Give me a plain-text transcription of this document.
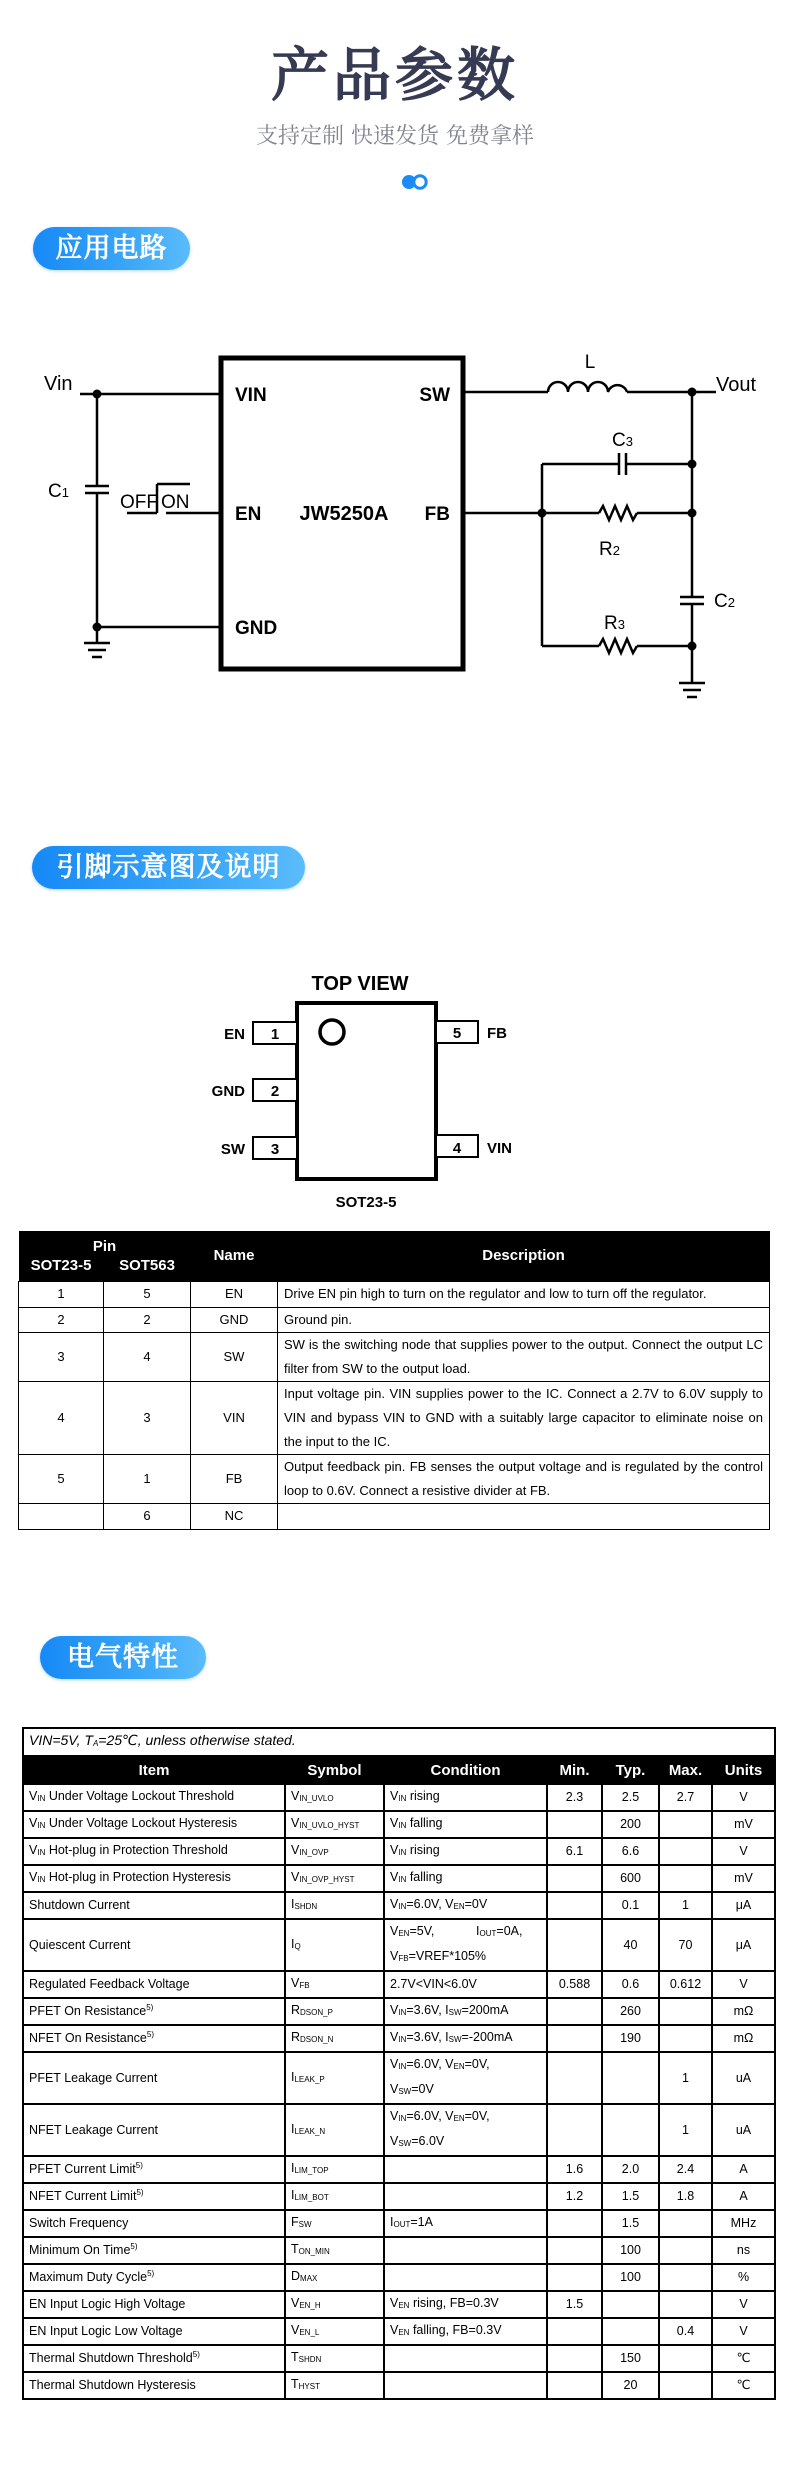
产品参数
支持定制 快速发货 免费拿样
应用电路
VIN
EN
GND
SW
FB
JW5250A
Vin	Vout
L
C1	OFF ON
C3
R2
C2
R3
引脚示意图及说明
TOP VIEW
1
2
3	4
5
EN
GND
SW	VIN
FB
SOT23-5
Pin		Name	Description
SOT23-5	SOT563		
1	5	EN	Drive EN pin high to turn on the regulator and low to turn off the regulator.
2	2	GND	Ground pin.
3	4	SW	SW is the switching node that supplies power to the output. Connect the output LC filter from SW to the output load.
4	3	VIN	Input voltage pin. VIN supplies power to the IC. Connect a 2.7V to 6.0V supply to VIN and bypass VIN to GND with a suitably large capacitor to eliminate noise on the input to the IC.
5	1	FB	Output feedback pin. FB senses the output voltage and is regulated by the control loop to 0.6V. Connect a resistive divider at FB.
	6	NC	
电气特性
VIN=5V, TA=25℃, unless otherwise stated.						
Item	Symbol	Condition	Min.	Typ.	Max.	Units
VIN Under Voltage Lockout Threshold	VIN_UVLO	VIN rising	2.3	2.5	2.7	V
VIN Under Voltage Lockout Hysteresis	VIN_UVLO_HYST	VIN falling		200		mV
VIN Hot-plug in Protection Threshold	VIN_OVP	VIN rising	6.1	6.6		V
VIN Hot-plug in Protection Hysteresis	VIN_OVP_HYST	VIN falling		600		mV
Shutdown Current	ISHDN	VIN=6.0V, VEN=0V		0.1	1	μA
Quiescent Current	IQ	VEN=5V,            IOUT=0A,
VFB=VREF*105%		40	70	μA
Regulated Feedback Voltage	VFB	2.7V<VIN<6.0V	0.588	0.6	0.612	V
PFET On Resistance$^{5)}$	RDSON_P	VIN=3.6V, ISW=200mA		260		mΩ
NFET On Resistance$^{5)}$	RDSON_N	VIN=3.6V, ISW=-200mA		190		mΩ
PFET Leakage Current	ILEAK_P	VIN=6.0V, VEN=0V,
VSW=0V			1	uA
NFET Leakage Current	ILEAK_N	VIN=6.0V, VEN=0V,
VSW=6.0V			1	uA
PFET Current Limit$^{5)}$	ILIM_TOP		1.6	2.0	2.4	A
NFET Current Limit$^{5)}$	ILIM_BOT		1.2	1.5	1.8	A
Switch Frequency	FSW	IOUT=1A		1.5		MHz
Minimum On Time$^{5)}$	TON_MIN			100		ns
Maximum Duty Cycle$^{5)}$	DMAX			100		%
EN Input Logic High Voltage	VEN_H	VEN rising, FB=0.3V	1.5			V
EN Input Logic Low Voltage	VEN_L	VEN falling, FB=0.3V			0.4	V
Thermal Shutdown Threshold$^{5)}$	TSHDN			150		℃
Thermal Shutdown Hysteresis	THYST			20		℃
